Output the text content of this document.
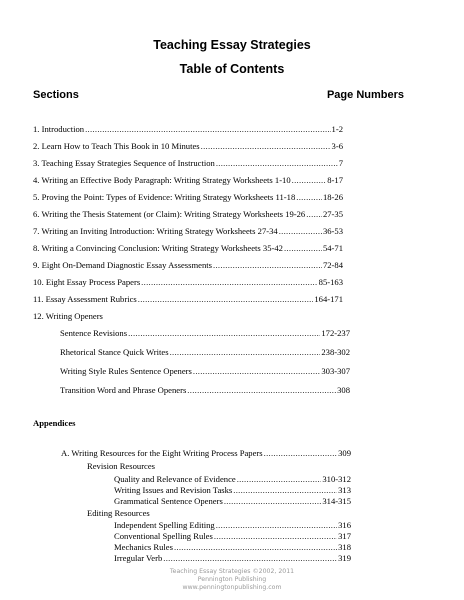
Teaching Essay Strategies
Table of Contents
Sections	Page Numbers
1. Introduction .....	1-2
2. Learn How to Teach This Book in 10 Minutes .....	3-6
3. Teaching Essay Strategies Sequence of Instruction .....	7
4. Writing an Effective Body Paragraph: Writing Strategy Worksheets 1-10 .....	8-17
5. Proving the Point: Types of Evidence: Writing Strategy Worksheets 11-18 .....	18-26
6. Writing the Thesis Statement (or Claim): Writing Strategy Worksheets 19-26 ..... 27-35
7. Writing an Inviting Introduction: Writing Strategy Worksheets 27-34 .....	36-53
8. Writing a Convincing Conclusion: Writing Strategy Worksheets 35-42 .....	54-71
9. Eight On-Demand Diagnostic Essay Assessments .....	72-84
10. Eight Essay Process Papers .....	85-163
11. Essay Assessment Rubrics .....	164-171
12. Writing Openers
Sentence Revisions .....	172-237
Rhetorical Stance Quick Writes .....	238-302
Writing Style Rules Sentence Openers .....	303-307
Transition Word and Phrase Openers .....	308
Appendices
A. Writing Resources for the Eight Writing Process Papers .....	309
Revision Resources
Quality and Relevance of Evidence .....	310-312
Writing Issues and Revision Tasks .....	313
Grammatical Sentence Openers .....	314-315
Editing Resources
Independent Spelling Editing .....	316
Conventional Spelling Rules .....	317
Mechanics Rules .....	318
Irregular Verb .....	319
Teaching Essay Strategies ©2002, 2011
Pennington Publishing
www.penningtonpublishing.com
